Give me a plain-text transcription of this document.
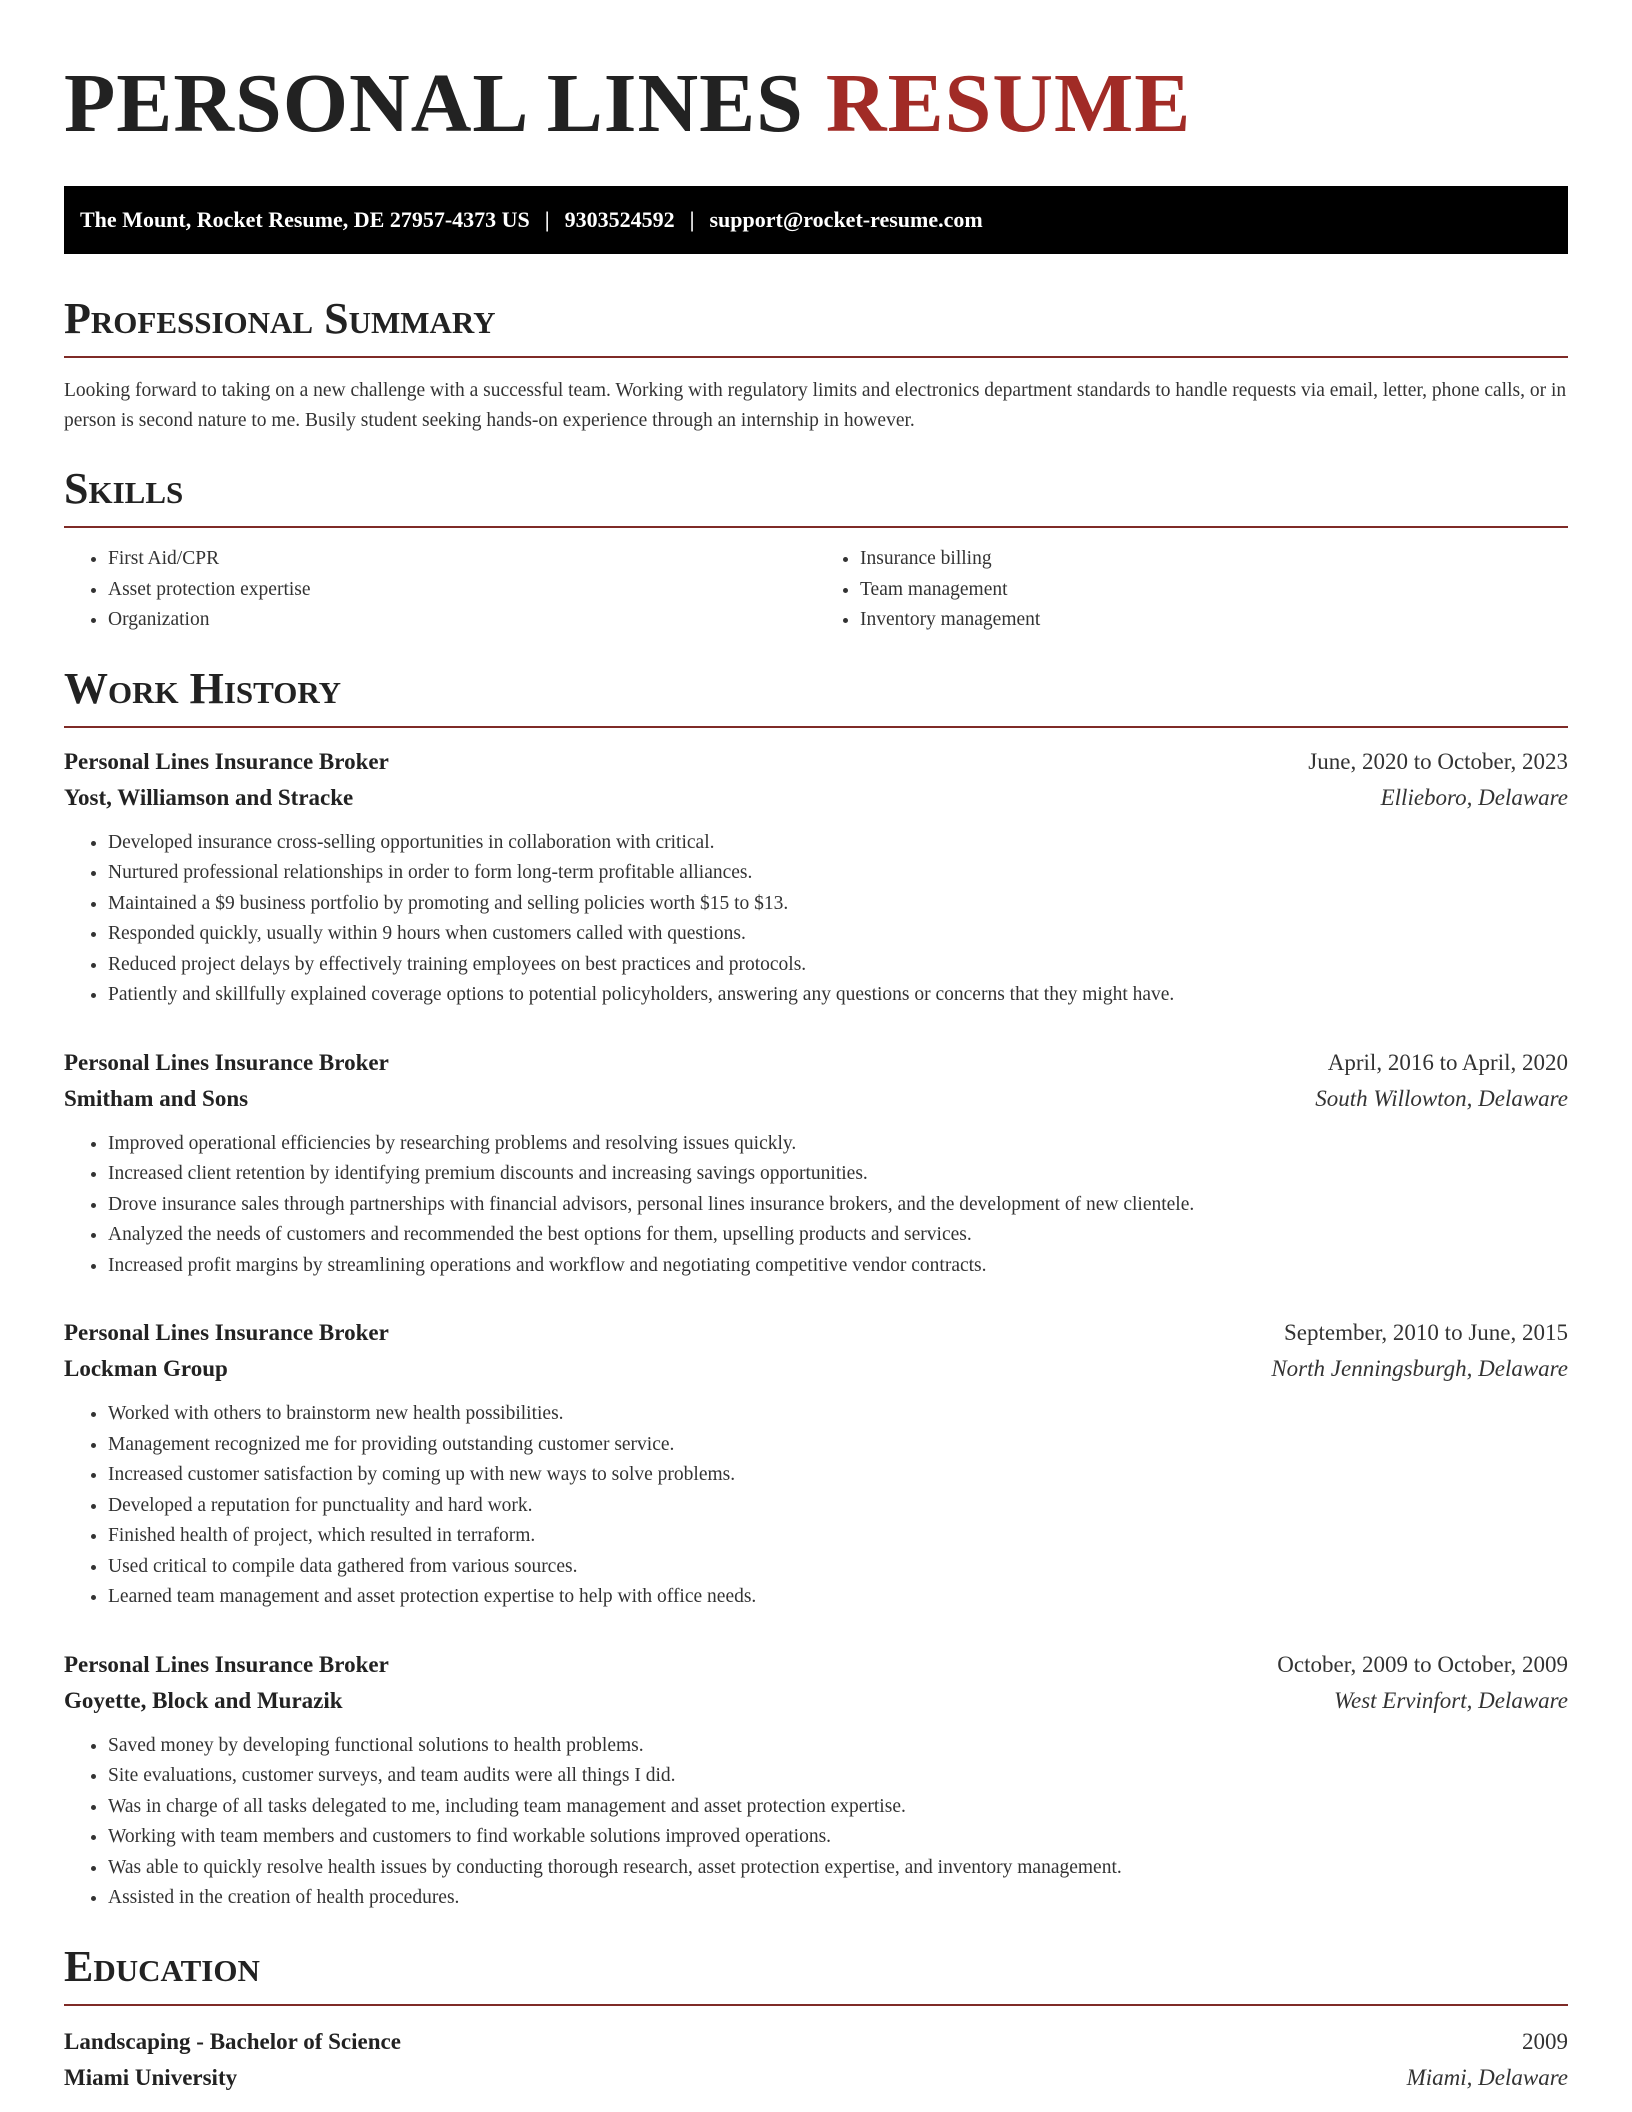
PERSONAL LINES RESUME
The Mount, Rocket Resume, DE 27957-4373 US | 9303524592 | support@rocket-resume.com
Professional Summary

Looking forward to taking on a new challenge with a successful team. Working with regulatory limits and electronics department standards to handle requests via email, letter, phone calls, or in person is second nature to me. Busily student seeking hands-on experience through an internship in however.

Skills
• First Aid/CPR
• Asset protection expertise
• Organization
• Insurance billing
• Team management
• Inventory management
Work History
Personal Lines Insurance Broker	June, 2020 to October, 2023
Yost, Williamson and Stracke	Ellieboro, Delaware
• Developed insurance cross-selling opportunities in collaboration with critical.
• Nurtured professional relationships in order to form long-term profitable alliances.
• Maintained a $9 business portfolio by promoting and selling policies worth $15 to $13.
• Responded quickly, usually within 9 hours when customers called with questions.
• Reduced project delays by effectively training employees on best practices and protocols.
• Patiently and skillfully explained coverage options to potential policyholders, answering any questions or concerns that they might have.
Personal Lines Insurance Broker	April, 2016 to April, 2020
Smitham and Sons	South Willowton, Delaware
• Improved operational efficiencies by researching problems and resolving issues quickly.
• Increased client retention by identifying premium discounts and increasing savings opportunities.
• Drove insurance sales through partnerships with financial advisors, personal lines insurance brokers, and the development of new clientele.
• Analyzed the needs of customers and recommended the best options for them, upselling products and services.
• Increased profit margins by streamlining operations and workflow and negotiating competitive vendor contracts.
Personal Lines Insurance Broker	September, 2010 to June, 2015
Lockman Group	North Jenningsburgh, Delaware
• Worked with others to brainstorm new health possibilities.
• Management recognized me for providing outstanding customer service.
• Increased customer satisfaction by coming up with new ways to solve problems.
• Developed a reputation for punctuality and hard work.
• Finished health of project, which resulted in terraform.
• Used critical to compile data gathered from various sources.
• Learned team management and asset protection expertise to help with office needs.
Personal Lines Insurance Broker	October, 2009 to October, 2009
Goyette, Block and Murazik	West Ervinfort, Delaware
• Saved money by developing functional solutions to health problems.
• Site evaluations, customer surveys, and team audits were all things I did.
• Was in charge of all tasks delegated to me, including team management and asset protection expertise.
• Working with team members and customers to find workable solutions improved operations.
• Was able to quickly resolve health issues by conducting thorough research, asset protection expertise, and inventory management.
• Assisted in the creation of health procedures.
Education
Landscaping - Bachelor of Science	2009
Miami University	Miami, Delaware
